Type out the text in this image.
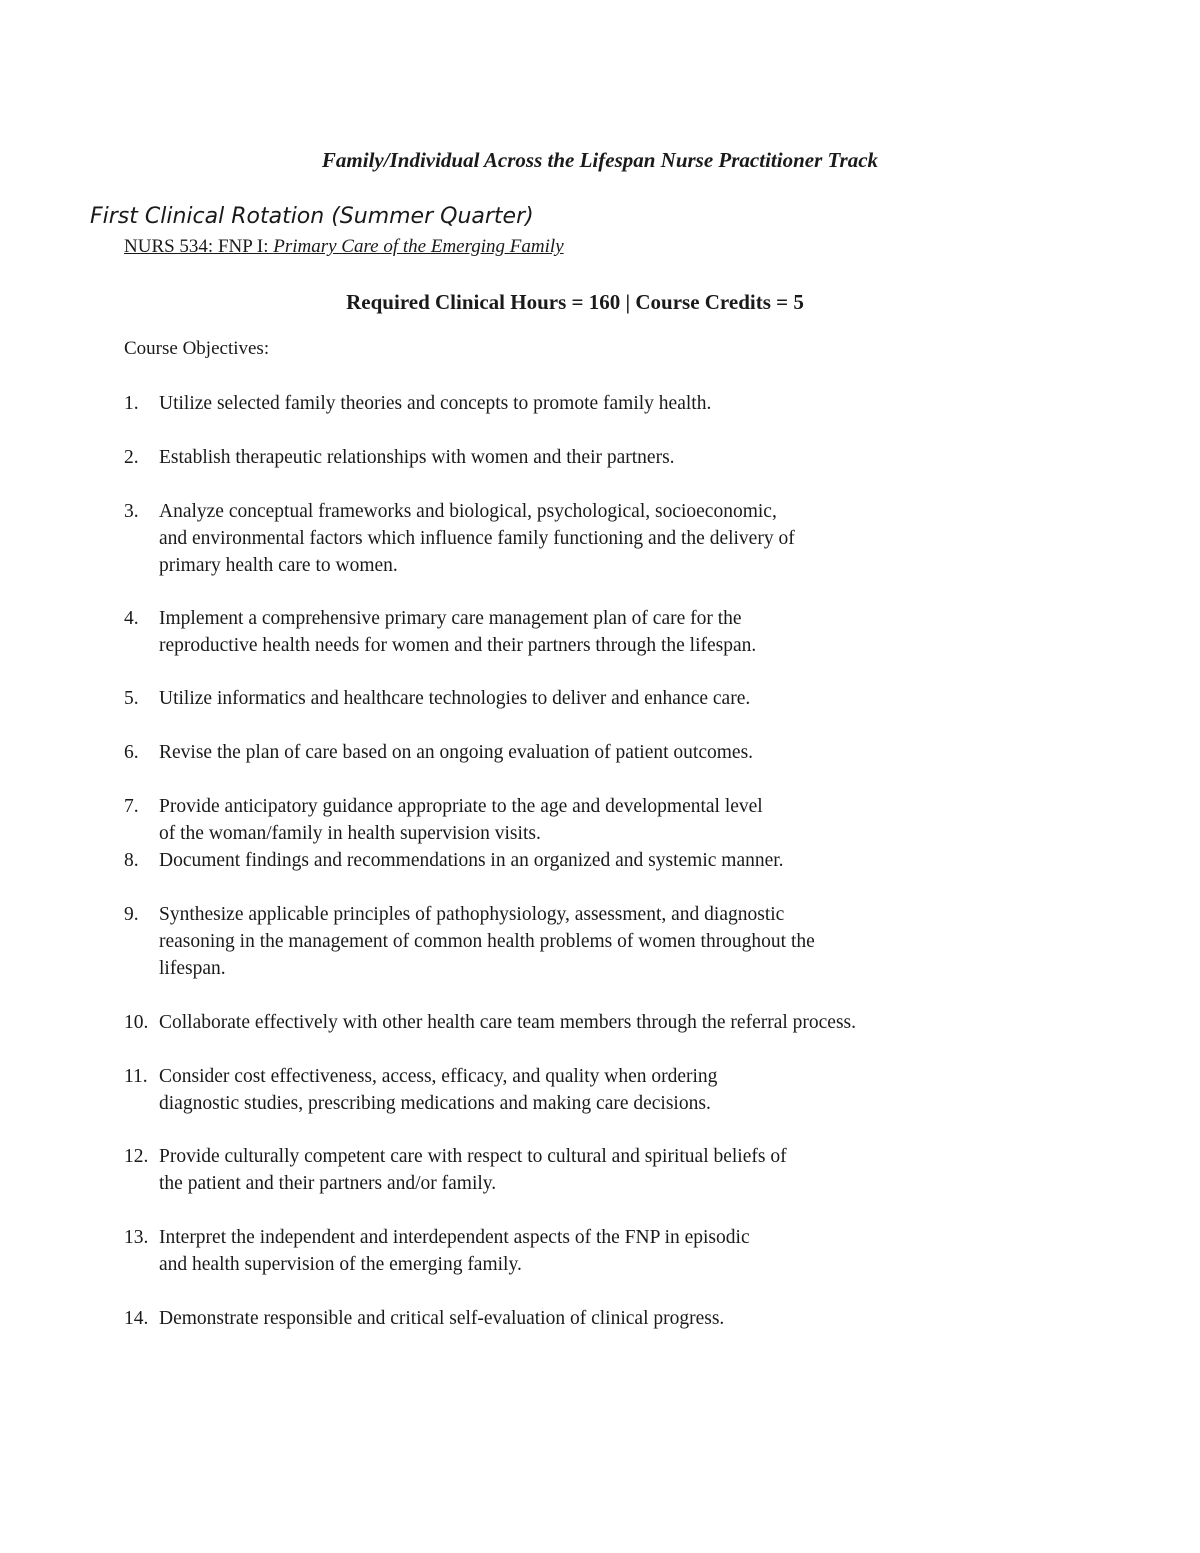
Family/Individual Across the Lifespan Nurse Practitioner Track
First Clinical Rotation (Summer Quarter)
NURS 534: FNP I: Primary Care of the Emerging Family
Required Clinical Hours = 160 | Course Credits = 5
Course Objectives:
1. Utilize selected family theories and concepts to promote family health.
2. Establish therapeutic relationships with women and their partners.
3. Analyze conceptual frameworks and biological, psychological, socioeconomic,
and environmental factors which influence family functioning and the delivery of
primary health care to women.
4. Implement a comprehensive primary care management plan of care for the
reproductive health needs for women and their partners through the lifespan.
5. Utilize informatics and healthcare technologies to deliver and enhance care.
6. Revise the plan of care based on an ongoing evaluation of patient outcomes.
7. Provide anticipatory guidance appropriate to the age and developmental level
of the woman/family in health supervision visits.
8. Document findings and recommendations in an organized and systemic manner.
9. Synthesize applicable principles of pathophysiology, assessment, and diagnostic
reasoning in the management of common health problems of women throughout the
lifespan.
10. Collaborate effectively with other health care team members through the referral process.
11. Consider cost effectiveness, access, efficacy, and quality when ordering
diagnostic studies, prescribing medications and making care decisions.
12. Provide culturally competent care with respect to cultural and spiritual beliefs of
the patient and their partners and/or family.
13. Interpret the independent and interdependent aspects of the FNP in episodic
and health supervision of the emerging family.
14. Demonstrate responsible and critical self-evaluation of clinical progress.
